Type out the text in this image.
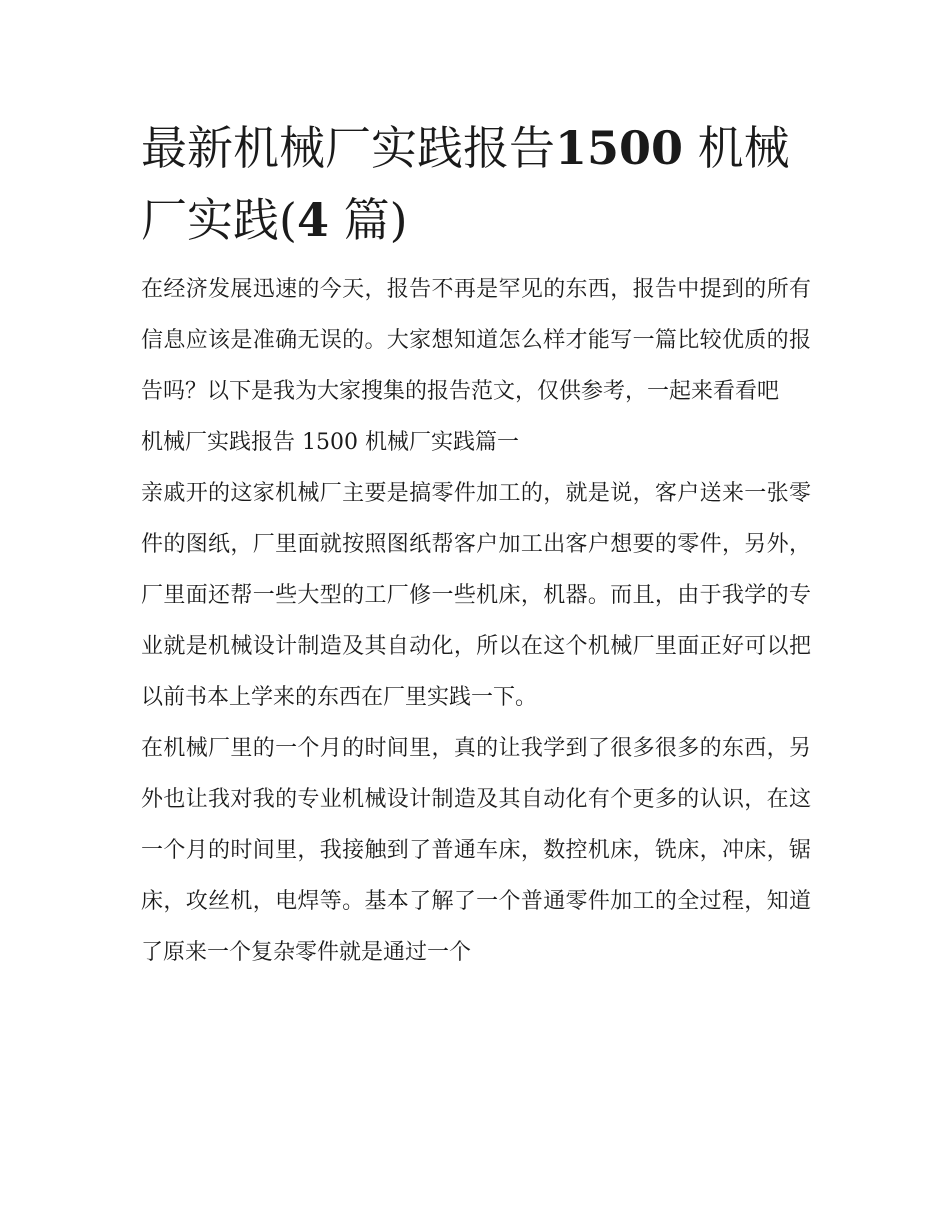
最新机械厂实践报告1500 机械厂实践(4 篇)

在经济发展迅速的今天，报告不再是罕见的东西，报告中提到的所有信息应该是准确无误的。大家想知道怎么样才能写一篇比较优质的报告吗？以下是我为大家搜集的报告范文，仅供参考，一起来看看吧

机械厂实践报告 1500 机械厂实践篇一

亲戚开的这家机械厂主要是搞零件加工的，就是说，客户送来一张零件的图纸，厂里面就按照图纸帮客户加工出客户想要的零件，另外，厂里面还帮一些大型的工厂修一些机床，机器。而且，由于我学的专业就是机械设计制造及其自动化，所以在这个机械厂里面正好可以把以前书本上学来的东西在厂里实践一下。

在机械厂里的一个月的时间里，真的让我学到了很多很多的东西，另外也让我对我的专业机械设计制造及其自动化有个更多的认识，在这一个月的时间里，我接触到了普通车床，数控机床，铣床，冲床，锯床，攻丝机，电焊等。基本了解了一个普通零件加工的全过程，知道了原来一个复杂零件就是通过一个
